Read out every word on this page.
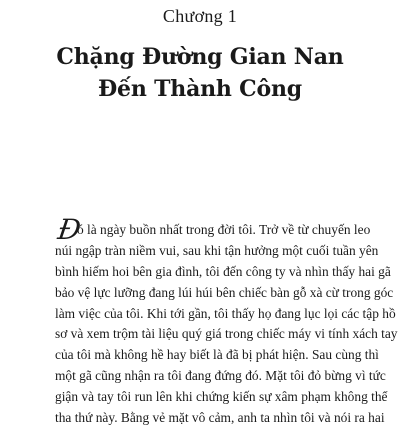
Chương 1
Chặng Đường Gian Nan
Đến Thành Công
Đ
ó là ngày buồn nhất trong đời tôi. Trở về từ chuyến leo
núi ngập tràn niềm vui, sau khi tận hưởng một cuối tuần yên
bình hiếm hoi bên gia đình, tôi đến công ty và nhìn thấy hai gã
bảo vệ lực lưỡng đang lúi húi bên chiếc bàn gỗ xà cừ trong góc
làm việc của tôi. Khi tới gần, tôi thấy họ đang lục lọi các tập hồ
sơ và xem trộm tài liệu quý giá trong chiếc máy vi tính xách tay
của tôi mà không hề hay biết là đã bị phát hiện. Sau cùng thì
một gã cũng nhận ra tôi đang đứng đó. Mặt tôi đỏ bừng vì tức
giận và tay tôi run lên khi chứng kiến sự xâm phạm không thể
tha thứ này. Bằng vẻ mặt vô cảm, anh ta nhìn tôi và nói ra hai
